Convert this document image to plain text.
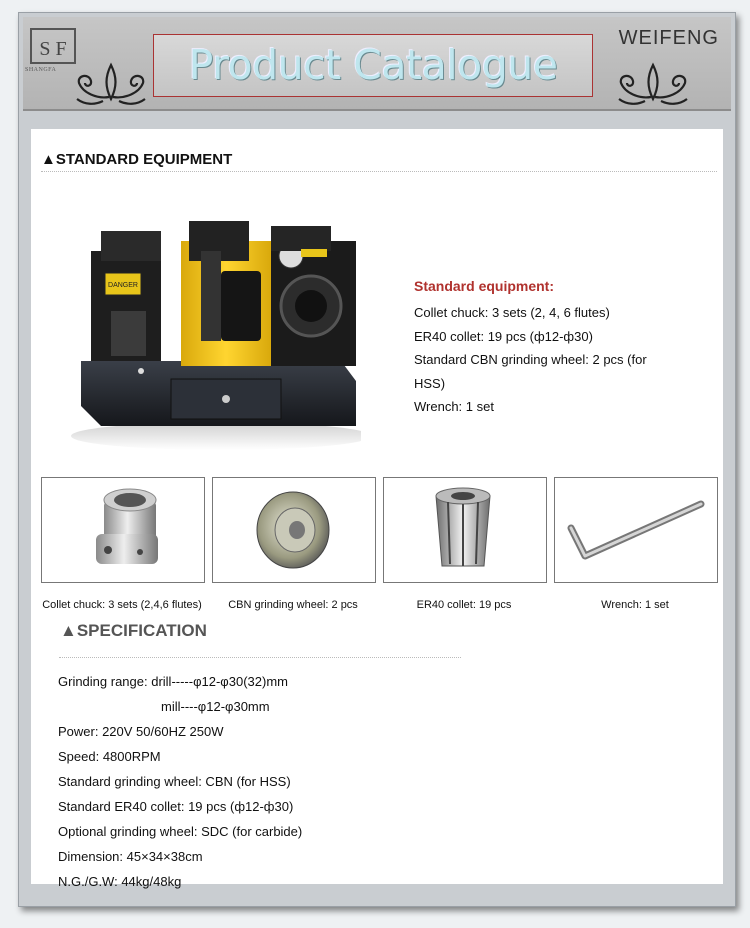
S F
SHANGFA	Product Catalogue
WEIFENG
▲STANDARD EQUIPMENT
DANGER	Standard equipment:
Collet chuck: 3 sets (2, 4, 6 flutes)
ER40 collet: 19 pcs (ф12-ф30)
Standard CBN grinding wheel: 2 pcs (for HSS)
Wrench: 1 set
Collet chuck: 3 sets (2,4,6 flutes)	CBN grinding wheel: 2 pcs	ER40 collet: 19 pcs	Wrench: 1 set
▲SPECIFICATION
Grinding range: drill-----φ12-φ30(32)mm
mill----φ12-φ30mm
Power: 220V 50/60HZ 250W
Speed: 4800RPM
Standard grinding wheel: CBN (for HSS)
Standard ER40 collet: 19 pcs (ф12-ф30)
Optional grinding wheel: SDC (for carbide)
Dimension: 45×34×38cm
N.G./G.W: 44kg/48kg
